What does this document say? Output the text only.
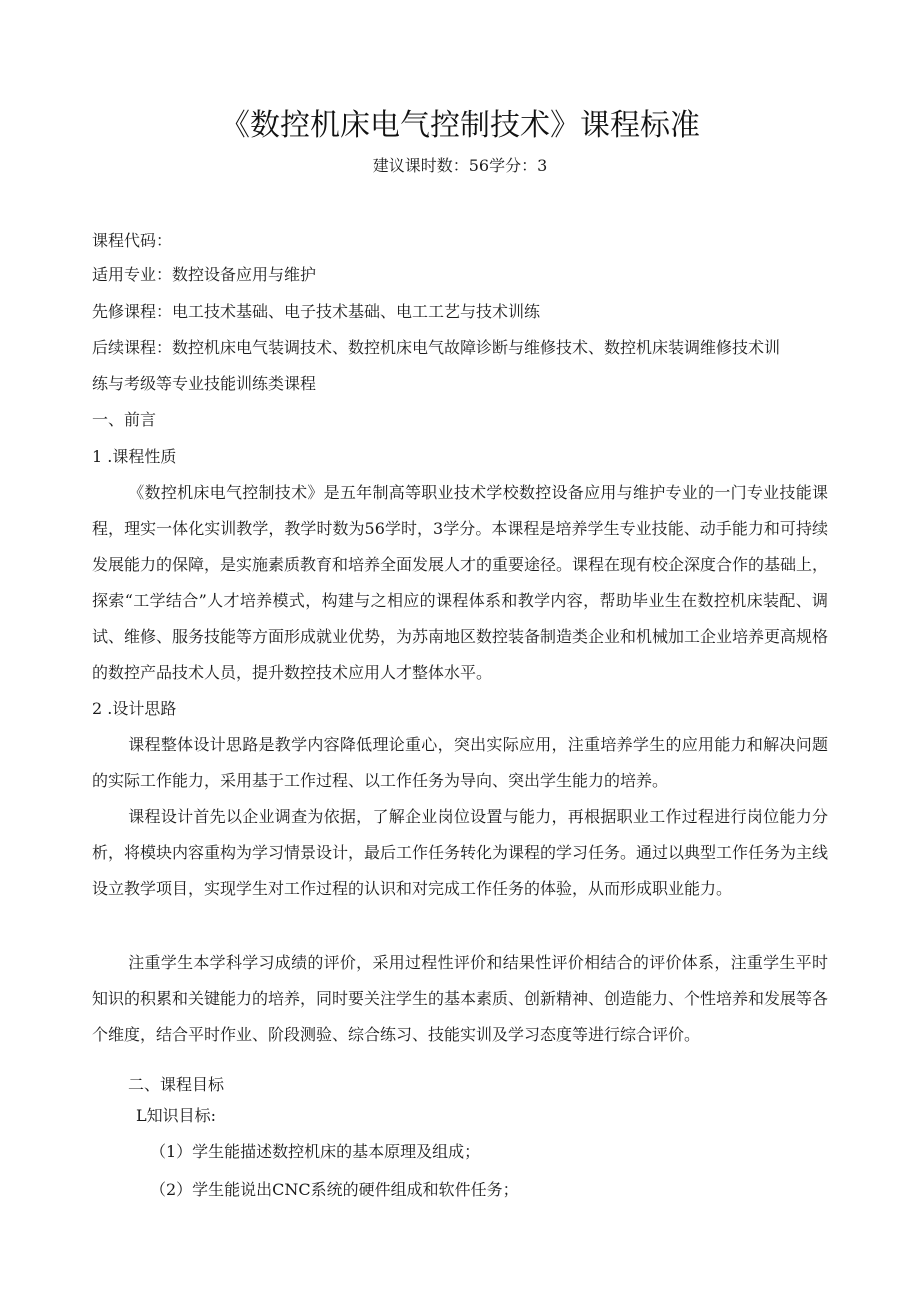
《数控机床电气控制技术》课程标准
建议课时数：56学分：3
课程代码：
适用专业：数控设备应用与维护
先修课程：电工技术基础、电子技术基础、电工工艺与技术训练
后续课程：数控机床电气装调技术、数控机床电气故障诊断与维修技术、数控机床装调维修技术训
练与考级等专业技能训练类课程
一、前言
1 .课程性质
《数控机床电气控制技术》是五年制高等职业技术学校数控设备应用与维护专业的一门专业技能课程，理实一体化实训教学，教学时数为56学时，3学分。本课程是培养学生专业技能、动手能力和可持续发展能力的保障，是实施素质教育和培养全面发展人才的重要途径。课程在现有校企深度合作的基础上，探索“工学结合”人才培养模式，构建与之相应的课程体系和教学内容，帮助毕业生在数控机床装配、调试、维修、服务技能等方面形成就业优势，为苏南地区数控装备制造类企业和机械加工企业培养更高规格的数控产品技术人员，提升数控技术应用人才整体水平。
2 .设计思路
课程整体设计思路是教学内容降低理论重心，突出实际应用，注重培养学生的应用能力和解决问题的实际工作能力，采用基于工作过程、以工作任务为导向、突出学生能力的培养。
课程设计首先以企业调查为依据，了解企业岗位设置与能力，再根据职业工作过程进行岗位能力分析，将模块内容重构为学习情景设计，最后工作任务转化为课程的学习任务。通过以典型工作任务为主线设立教学项目，实现学生对工作过程的认识和对完成工作任务的体验，从而形成职业能力。
注重学生本学科学习成绩的评价，采用过程性评价和结果性评价相结合的评价体系，注重学生平时知识的积累和关键能力的培养，同时要关注学生的基本素质、创新精神、创造能力、个性培养和发展等各个维度，结合平时作业、阶段测验、综合练习、技能实训及学习态度等进行综合评价。
二、课程目标
L知识目标:
（1）学生能描述数控机床的基本原理及组成；
（2）学生能说出CNC系统的硬件组成和软件任务；
